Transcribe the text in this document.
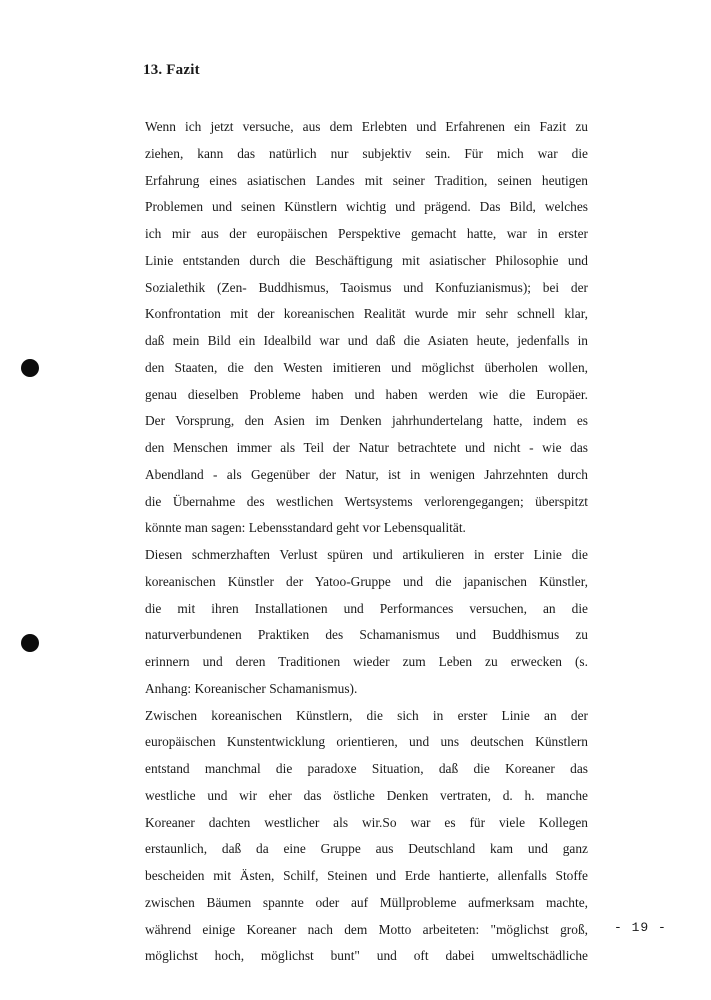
13. Fazit
Wenn ich jetzt versuche, aus dem Erlebten und Erfahrenen ein Fazit zu
ziehen, kann das natürlich nur subjektiv sein. Für mich war die
Erfahrung eines asiatischen Landes mit seiner Tradition, seinen heutigen
Problemen und seinen Künstlern wichtig und prägend. Das Bild, welches
ich mir aus der europäischen Perspektive gemacht hatte, war in erster
Linie entstanden durch die Beschäftigung mit asiatischer Philosophie und
Sozialethik (Zen- Buddhismus, Taoismus und Konfuzianismus); bei der
Konfrontation mit der koreanischen Realität wurde mir sehr schnell klar,
daß mein Bild ein Idealbild war und daß die Asiaten heute, jedenfalls in
den Staaten, die den Westen imitieren und möglichst überholen wollen,
genau dieselben Probleme haben und haben werden wie die Europäer.
Der Vorsprung, den Asien im Denken jahrhundertelang hatte, indem es
den Menschen immer als Teil der Natur betrachtete und nicht - wie das
Abendland - als Gegenüber der Natur, ist in wenigen Jahrzehnten durch
die Übernahme des westlichen Wertsystems verlorengegangen; überspitzt
könnte man sagen: Lebensstandard geht vor Lebensqualität.
Diesen schmerzhaften Verlust spüren und artikulieren in erster Linie die
koreanischen Künstler der Yatoo-Gruppe und die japanischen Künstler,
die mit ihren Installationen und Performances versuchen, an die
naturverbundenen Praktiken des Schamanismus und Buddhismus zu
erinnern und deren Traditionen wieder zum Leben zu erwecken (s.
Anhang: Koreanischer Schamanismus).
Zwischen koreanischen Künstlern, die sich in erster Linie an der
europäischen Kunstentwicklung orientieren, und uns deutschen Künstlern
entstand manchmal die paradoxe Situation, daß die Koreaner das
westliche und wir eher das östliche Denken vertraten, d. h. manche
Koreaner dachten westlicher als wir.So war es für viele Kollegen
erstaunlich, daß da eine Gruppe aus Deutschland kam und ganz
bescheiden mit Ästen, Schilf, Steinen und Erde hantierte, allenfalls Stoffe
zwischen Bäumen spannte oder auf Müllprobleme aufmerksam machte,
während einige Koreaner nach dem Motto arbeiteten: "möglichst groß,
möglichst hoch, möglichst bunt" und oft dabei umweltschädliche
- 19 -
